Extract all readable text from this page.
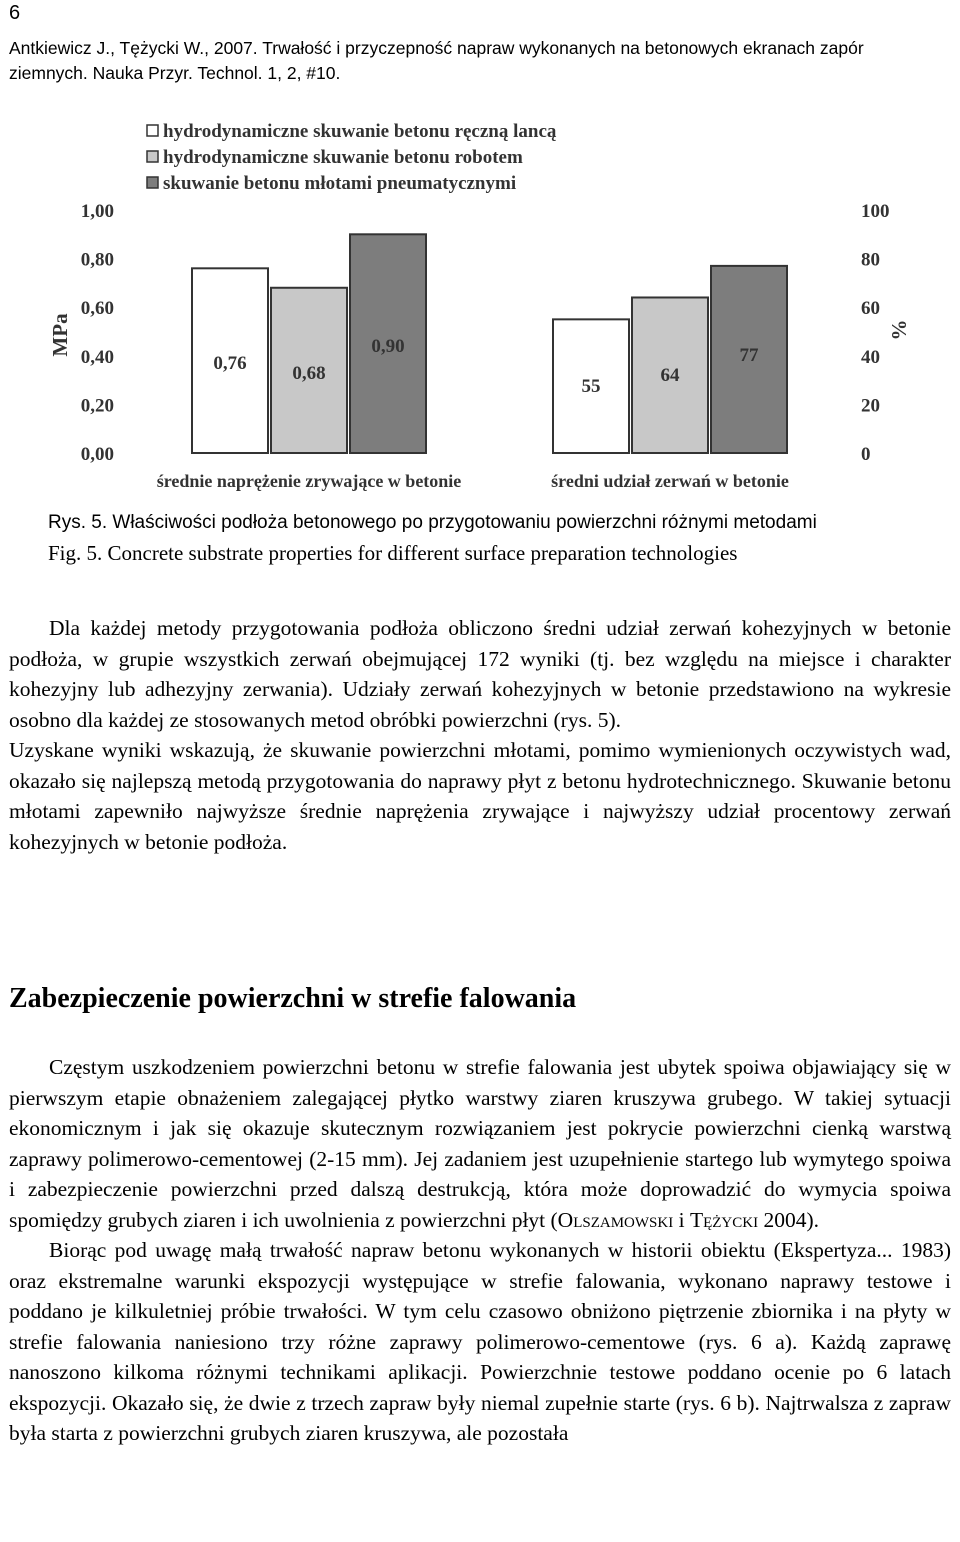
6
Antkiewicz J., Tężycki W., 2007. Trwałość i przyczepność napraw wykonanych na betonowych ekranach zapór ziemnych. Nauka Przyr. Technol. 1, 2, #10.
hydrodynamiczne skuwanie betonu ręczną lancą
hydrodynamiczne skuwanie betonu robotem
skuwanie betonu młotami pneumatycznymi
0,00
0,20
0,40
0,60
0,80
1,00
0
20
40
60
80
100
MPa	%
0,76 0,68
0,90
55
64
77
średnie naprężenie zrywające w betonie	średni udział zerwań w betonie
Rys. 5. Właściwości podłoża betonowego po przygotowaniu powierzchni różnymi metodami
Fig. 5. Concrete substrate properties for different surface preparation technologies

Dla każdej metody przygotowania podłoża obliczono średni udział zerwań kohezyjnych w betonie podłoża, w grupie wszystkich zerwań obejmującej 172 wyniki (tj. bez względu na miejsce i charakter kohezyjny lub adhezyjny zerwania). Udziały zerwań kohezyjnych w betonie przedstawiono na wykresie osobno dla każdej ze stosowanych metod obróbki powierzchni (rys. 5).

Uzyskane wyniki wskazują, że skuwanie powierzchni młotami, pomimo wymienionych oczywistych wad, okazało się najlepszą metodą przygotowania do naprawy płyt z betonu hydrotechnicznego. Skuwanie betonu młotami zapewniło najwyższe średnie naprężenia zrywające i najwyższy udział procentowy zerwań kohezyjnych w betonie podłoża.

Zabezpieczenie powierzchni w strefie falowania

Częstym uszkodzeniem powierzchni betonu w strefie falowania jest ubytek spoiwa objawiający się w pierwszym etapie obnażeniem zalegającej płytko warstwy ziaren kruszywa grubego. W takiej sytuacji ekonomicznym i jak się okazuje skutecznym rozwiązaniem jest pokrycie powierzchni cienką warstwą zaprawy polimerowo-cementowej (2-15 mm). Jej zadaniem jest uzupełnienie startego lub wymytego spoiwa i zabezpieczenie powierzchni przed dalszą destrukcją, która może doprowadzić do wymycia spoiwa spomiędzy grubych ziaren i ich uwolnienia z powierzchni płyt (Olszamowski i Tężycki 2004).

Biorąc pod uwagę małą trwałość napraw betonu wykonanych w historii obiektu (Ekspertyza... 1983) oraz ekstremalne warunki ekspozycji występujące w strefie falowania, wykonano naprawy testowe i poddano je kilkuletniej próbie trwałości. W tym celu czasowo obniżono piętrzenie zbiornika i na płyty w strefie falowania naniesiono trzy różne zaprawy polimerowo-cementowe (rys. 6 a). Każdą zaprawę nanoszono kilkoma różnymi technikami aplikacji. Powierzchnie testowe poddano ocenie po 6 latach ekspozycji. Okazało się, że dwie z trzech zapraw były niemal zupełnie starte (rys. 6 b). Najtrwalsza z zapraw była starta z powierzchni grubych ziaren kruszywa, ale pozostała
